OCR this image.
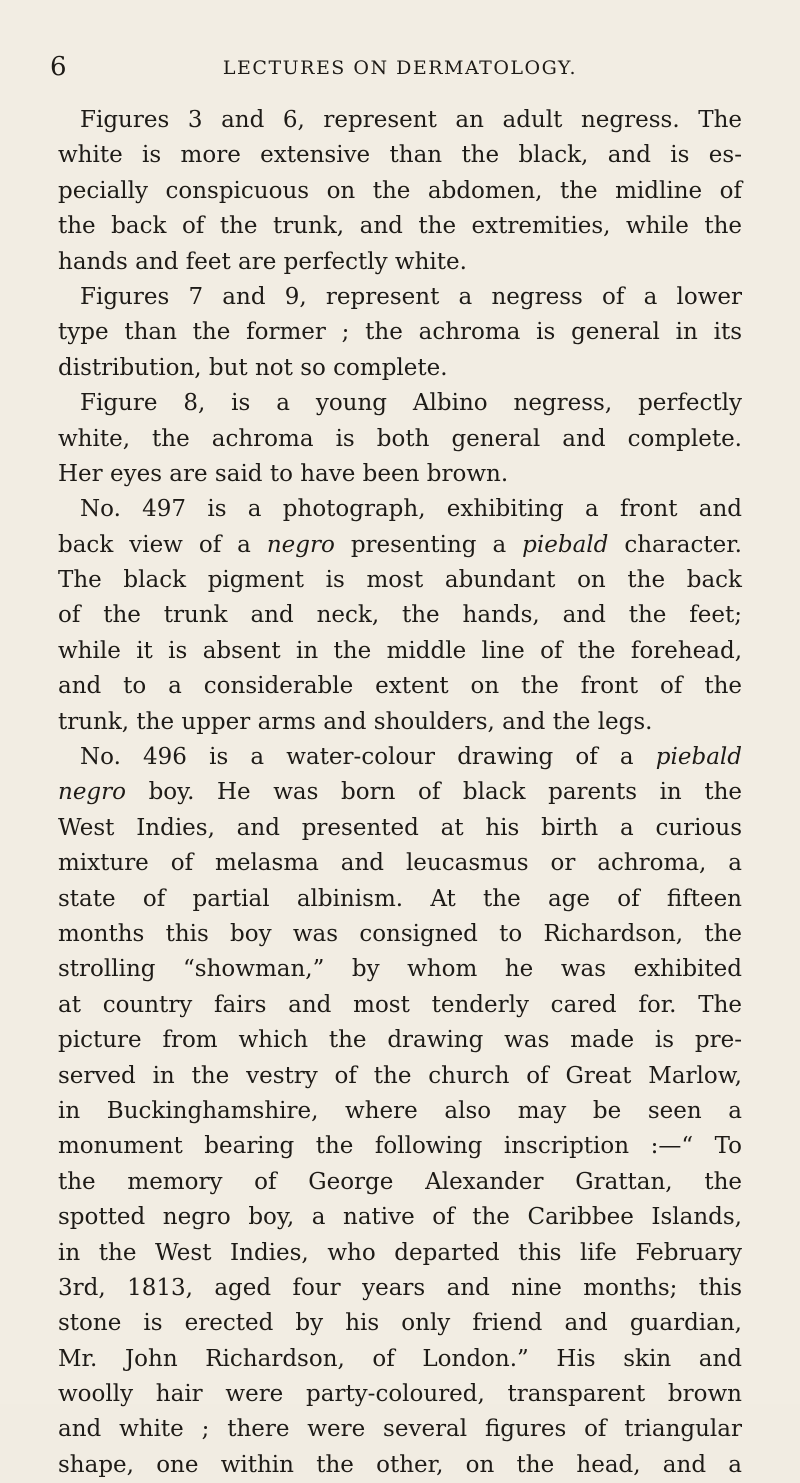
6	LECTURES ON DERMATOLOGY.
Figures 3 and 6, represent an adult negress. The
white is more extensive than the black, and is es-
pecially conspicuous on the abdomen, the midline of
the back of the trunk, and the extremities, while the
hands and feet are perfectly white.
Figures 7 and 9, represent a negress of a lower
type than the former ; the achroma is general in its
distribution, but not so complete.
Figure 8, is a young Albino negress, perfectly
white, the achroma is both general and complete.
Her eyes are said to have been brown.
No. 497 is a photograph, exhibiting a front and
back view of a negro presenting a piebald character.
The black pigment is most abundant on the back
of the trunk and neck, the hands, and the feet;
while it is absent in the middle line of the forehead,
and to a considerable extent on the front of the
trunk, the upper arms and shoulders, and the legs.
No. 496 is a water-colour drawing of a piebald
negro boy. He was born of black parents in the
West Indies, and presented at his birth a curious
mixture of melasma and leucasmus or achroma, a
state of partial albinism. At the age of fifteen
months this boy was consigned to Richardson, the
strolling “showman,” by whom he was exhibited
at country fairs and most tenderly cared for. The
picture from which the drawing was made is pre-
served in the vestry of the church of Great Marlow,
in Buckinghamshire, where also may be seen a
monument bearing the following inscription :—“ To
the memory of George Alexander Grattan, the
spotted negro boy, a native of the Caribbee Islands,
in the West Indies, who departed this life February
3rd, 1813, aged four years and nine months; this
stone is erected by his only friend and guardian,
Mr. John Richardson, of London.” His skin and
woolly hair were party-coloured, transparent brown
and white ; there were several figures of triangular
shape, one within the other, on the head, and a
